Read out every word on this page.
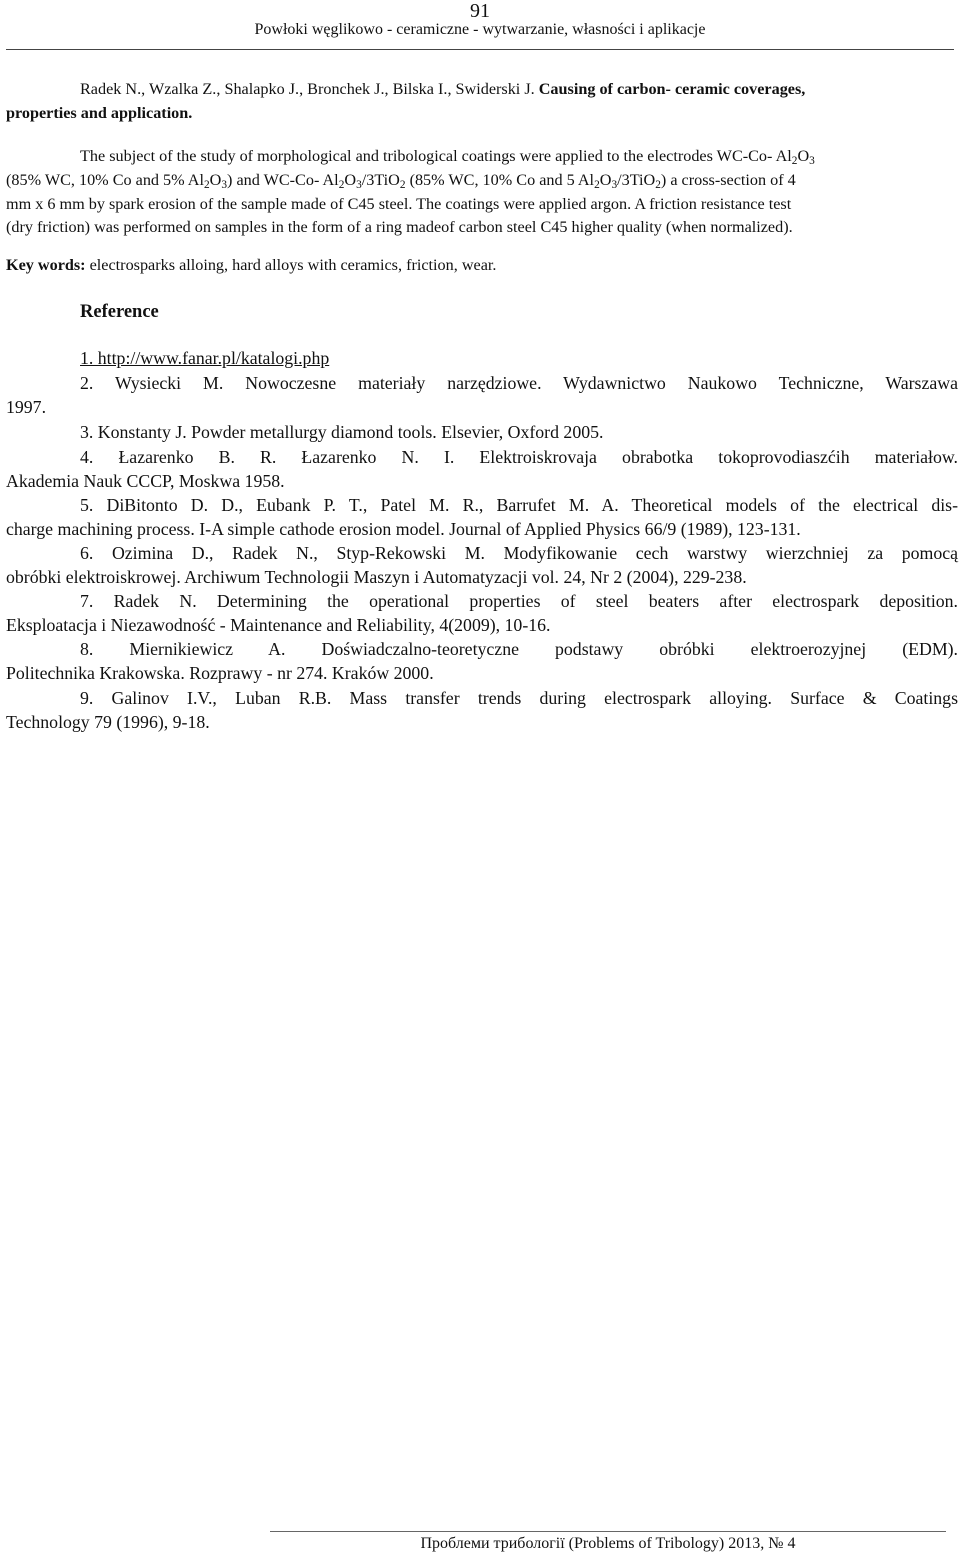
91
Powłoki węglikowo - ceramiczne - wytwarzanie, własności i aplikacje
Radek N., Wzalka Z., Shalapko J., Bronchek J., Bilska I., Swiderski J. Causing of carbon- ceramic coverages,
properties and application.
The subject of the study of morphological and tribological coatings were applied to the electrodes WC-Co- $Al_2O_3$
(85% WC, 10% Co and 5% $Al_2O_3$) and WC-Co- $Al_2O_3/3TiO_2$ (85% WC, 10% Co and 5 $Al_2O_3/3TiO_2$) a cross-section of 4
mm x 6 mm by spark erosion of the sample made of C45 steel. The coatings were applied argon. A friction resistance test
(dry friction) was performed on samples in the form of a ring madeof carbon steel C45 higher quality (when normalized).
Key words: electrosparks alloing, hard alloys with ceramics, friction, wear.
Reference
1. http://www.fanar.pl/katalogi.php
2. Wysiecki M. Nowoczesne materiały narzędziowe. Wydawnictwo Naukowo Techniczne, Warszawa
1997.
3. Konstanty J. Powder metallurgy diamond tools. Elsevier, Oxford 2005.
4. Łazarenko B. R. Łazarenko N. I. Elektroiskrovaja obrabotka tokoprovodiaszćih materiałow.
Akademia Nauk CCCP, Moskwa 1958.
5. DiBitonto D. D., Eubank P. T., Patel M. R., Barrufet M. A. Theoretical models of the electrical dis-
charge machining process. I-A simple cathode erosion model. Journal of Applied Physics 66/9 (1989), 123-131.
6. Ozimina D., Radek N., Styp-Rekowski M. Modyfikowanie cech warstwy wierzchniej za pomocą
obróbki elektroiskrowej. Archiwum Technologii Maszyn i Automatyzacji vol. 24, Nr 2 (2004), 229-238.
7. Radek N. Determining the operational properties of steel beaters after electrospark deposition.
Eksploatacja i Niezawodność - Maintenance and Reliability, 4(2009), 10-16.
8. Miernikiewicz A. Doświadczalno-teoretyczne podstawy obróbki elektroerozyjnej (EDM).
Politechnika Krakowska. Rozprawy - nr 274. Kraków 2000.
9. Galinov I.V., Luban R.B. Mass transfer trends during electrospark alloying. Surface & Coatings
Technology 79 (1996), 9-18.
Проблеми трибології (Problems of Tribology) 2013, № 4
